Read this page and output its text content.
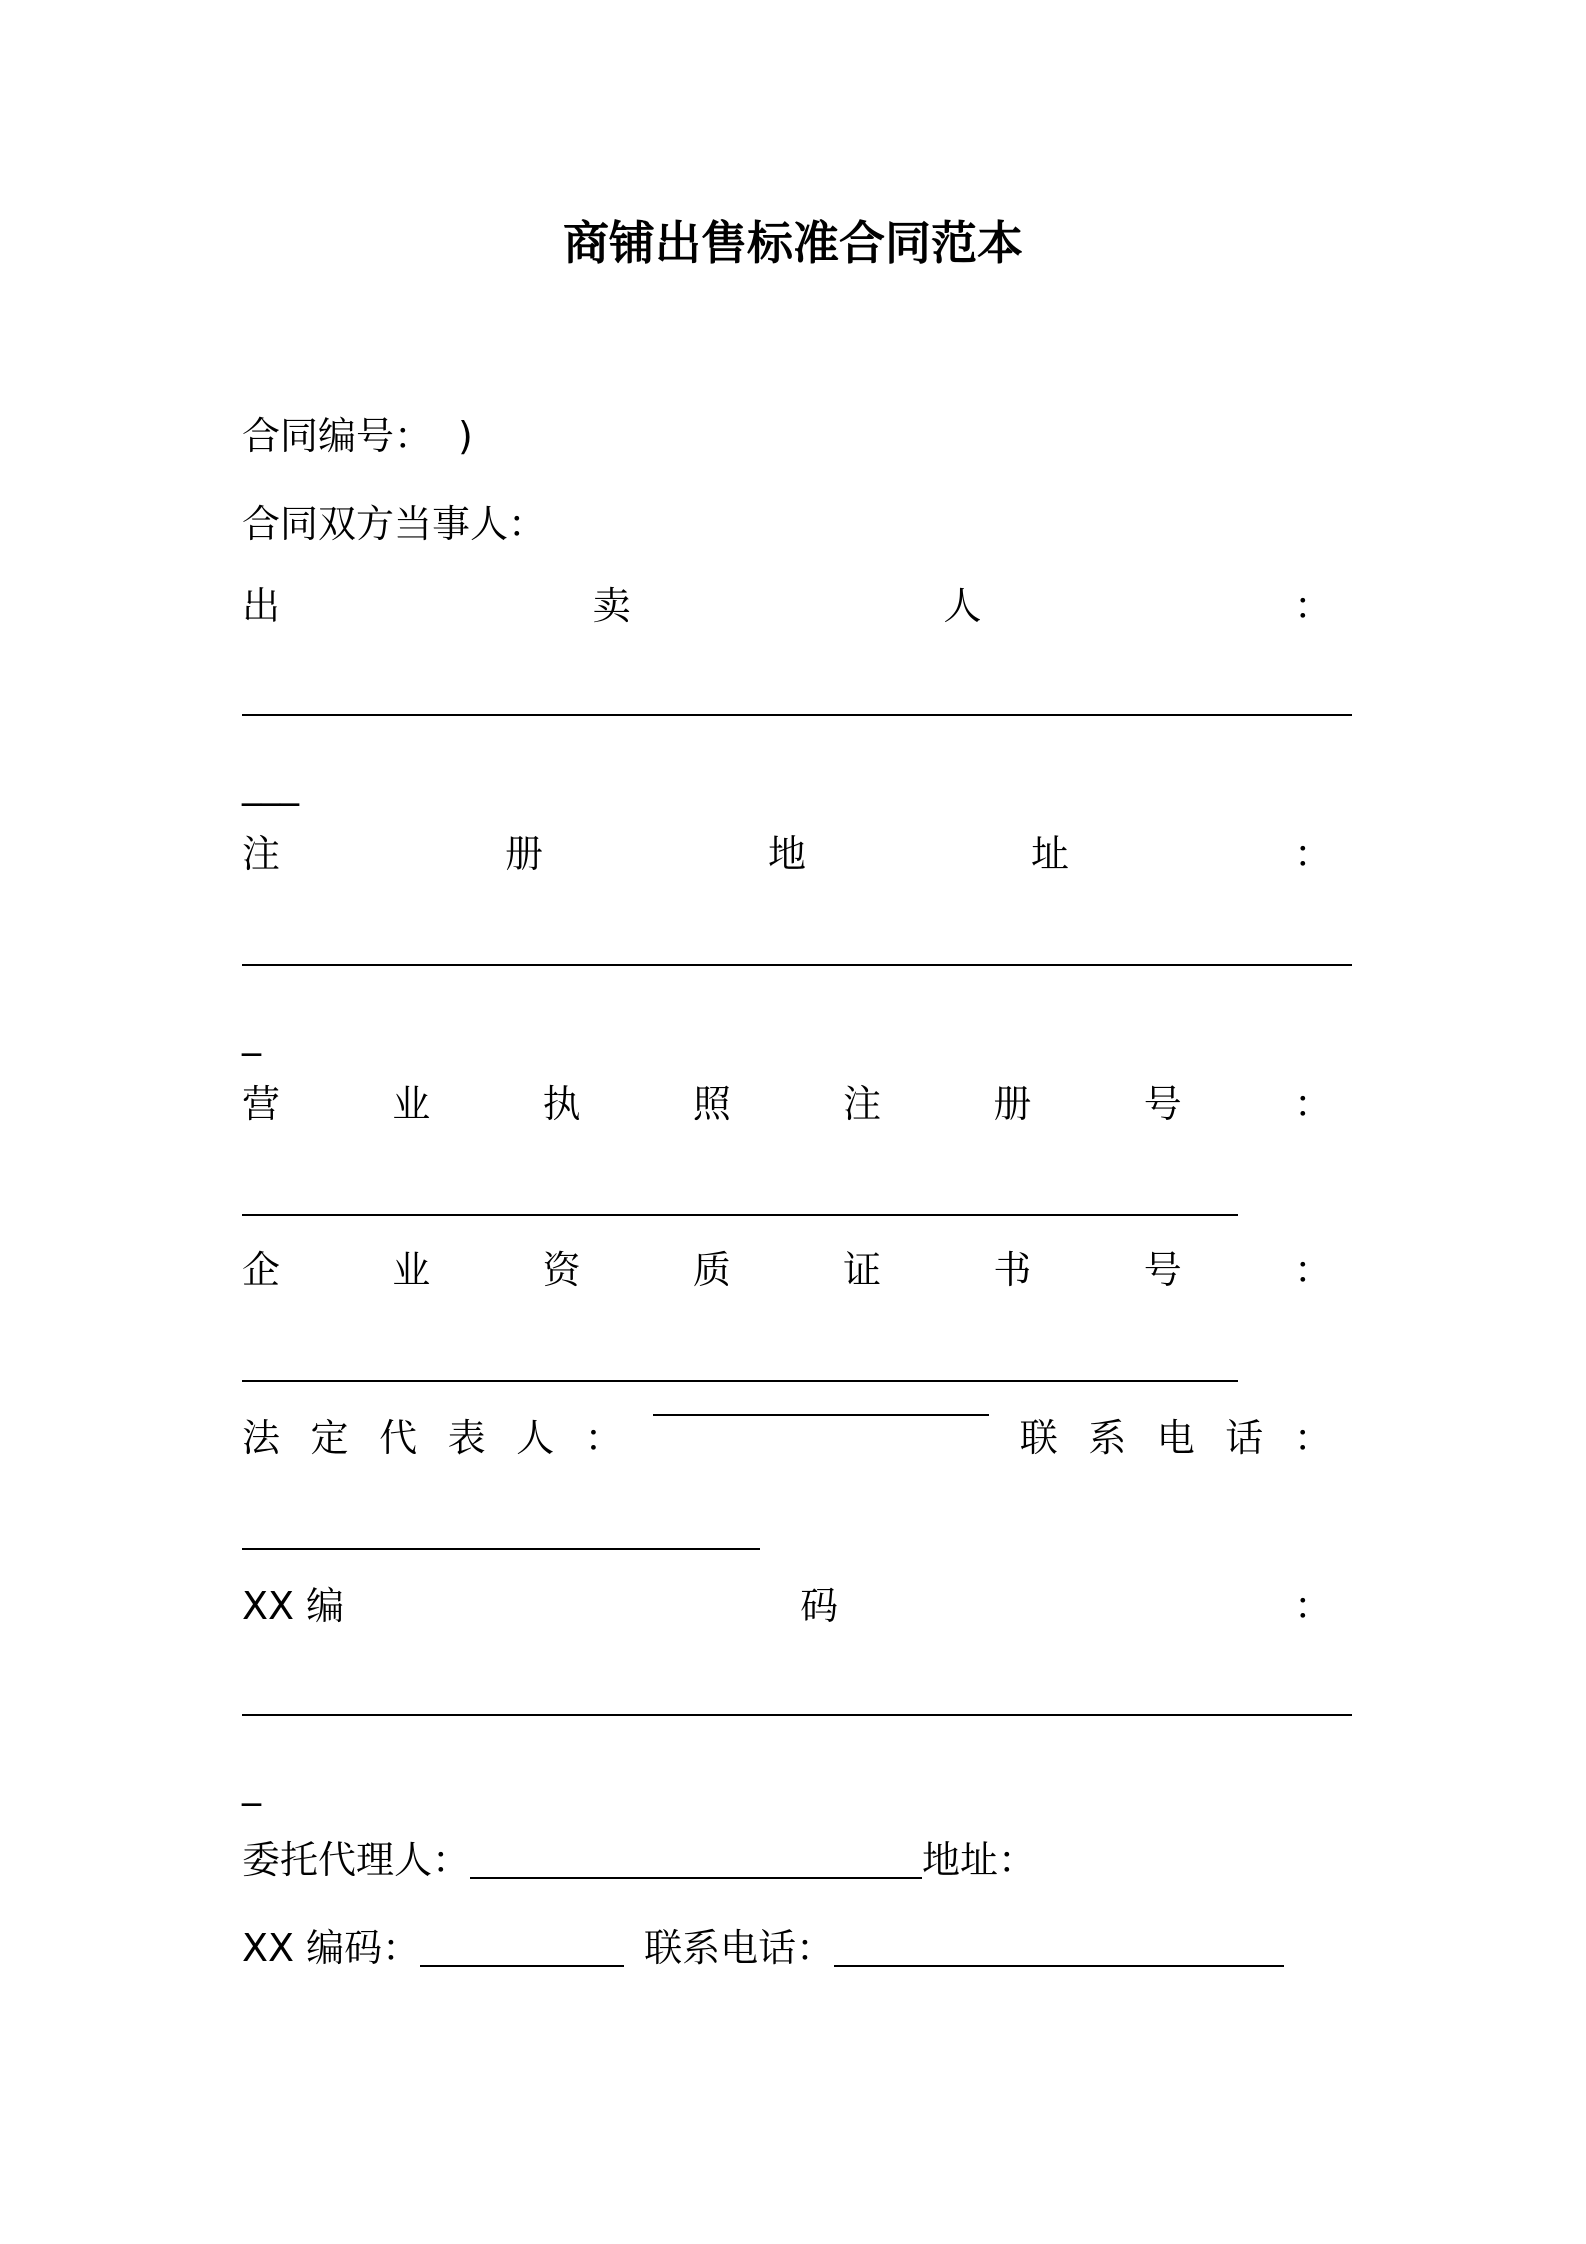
商铺出售标准合同范本
合同编号： )
合同双方当事人：
出	卖	人	：
___
注	册	地	址	：
_
营	业	执	照	注	册	号	：
企	业	资	质	证	书	号	：
法 定 代 表 人 ：	联 系 电 话 ：
XX 编	码	：
_
委托代理人：	地址：
XX 编码：	联系电话：
